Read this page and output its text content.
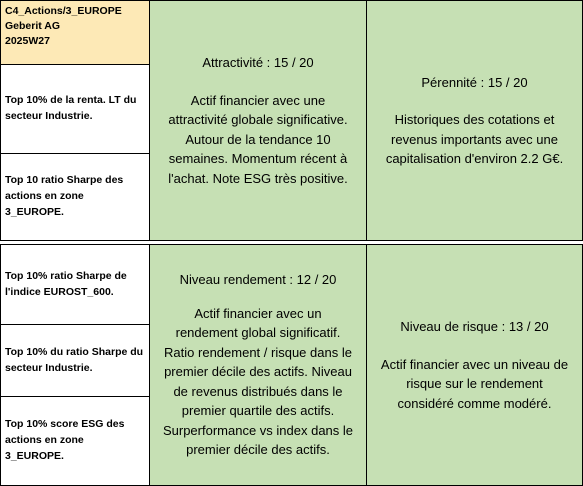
C4_Actions/3_EUROPE
Geberit AG
2025W27
Top 10% de la renta. LT du
secteur Industrie.
Top 10 ratio Sharpe des
actions en zone 3_EUROPE.
Top 10% ratio Sharpe de
l'indice EUROST_600.
Top 10% du ratio Sharpe du
secteur Industrie.
Top 10% score ESG des
actions en zone 3_EUROPE.
Attractivité : 15 / 20
Actif financier avec une
attractivité globale significative.
Autour de la tendance 10
semaines. Momentum récent à
l'achat. Note ESG très positive.
Pérennité : 15 / 20
Historiques des cotations et
revenus importants avec une
capitalisation d'environ 2.2 G€.
Niveau rendement : 12 / 20
Actif financier avec un
rendement global significatif.
Ratio rendement / risque dans le
premier décile des actifs. Niveau
de revenus distribués dans le
premier quartile des actifs.
Surperformance vs index dans le
premier décile des actifs.
Niveau de risque : 13 / 20
Actif financier avec un niveau de
risque sur le rendement
considéré comme modéré.
